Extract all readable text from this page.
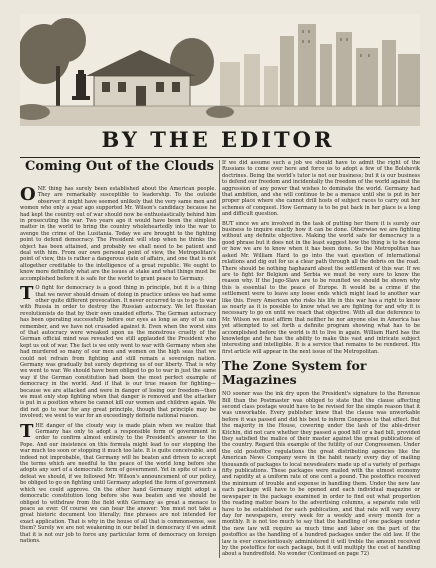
BY THE EDITOR
Coming Out of the Clouds

ONE thing has surely been established about the American people. They are remarkably susceptible to leadership. To the outside observer it might have seemed unlikely that the very same men and women who only a year ago supported Mr. Wilson's candidacy because he had kept the country out of war should now be enthusiastically behind him in prosecuting the war. Two years ago it would have been the simplest matter in the world to bring the country wholeheartedly into the war to avenge the crime of the Lusitania. Today we are brought to the fighting point to defend democracy. The President will stop when he thinks the object has been attained, and probably we shall need to be patient and deal with him. From our own personal point of view, the Metropolitan's point of view, this is rather a dangerous state of affairs, and one that is not altogether creditable to the intelligence of a great republic. We ought to know more definitely what are the issues at stake and what things must be accomplished before it is safe for the world to grant peace to Germany.

T O fight for democracy is a good thing in principle, but it is a thing that we never should dream of doing in practice unless we had some other quite different provocation. It never occurred to us to go to war with Russia in order to destroy the Russian autocracy. We let Russian revolutionists do that by their own unaided efforts. The German autocracy has been operating successfully before our eyes as long as any of us can remember, and we have not crusaded against it. Even when the worst sins of that autocracy were wreaked upon us the monstrous cruelty of the German official mind was revealed we still applauded the President who kept us out of war. The fact is we only went to war with Germany when she had murdered so many of our men and women on the high seas that we could not refrain from fighting and still remain a sovereign nation. Germany was gradually but surely depriving us of our liberty. That is why we went to war. We should have been obliged to go to war in just the same way if the German constitution had been the most perfect example of democracy in the world. And if that is our true reason for fighting—because we are attacked and were in danger of losing our freedom—then we must only stop fighting when that danger is removed and the attacker is put in a position where he cannot kill our women and children again. We did not go to war for any great principle, though that principle may be involved; we went to war for an exceedingly definite national reason.

THE danger of the cloudy way is made plain when we realize that Germany has only to adopt a responsible form of government in order to confirm almost entirely to the President's answer to the Pope. And our insistence on this formula might lead to our stopping the war much too soon or stopping it much too late. It is quite conceivable, and indeed not improbable, that Germany will be beaten and driven to accept the terms which are needful to the peace of the world long before she adopts any sort of a democratic form of government. Yet in spite of such a defeat we should, if we followed Mr. Wilson's announcement of our policy, be obliged to go on fighting until Germany adopted the form of government which we could approve. On the other hand Germany might adopt a democratic constitution long before she was beaten and we should be obliged to withdraw from the field with Germany as great a menace to peace as ever. Of course we can hear the answer: You must not take a great historic document too literally; fine phrases are not intended for exact application. That is why in the house of all that is commonsense, see them? Surely we are not weakening in our belief in democracy if we admit that it is not our job to force any particular form of democracy on foreign nations.

If we did assume such a job we should have to admit the right of the Russians to come over here and force us to adopt a few of the Bolshevik doctrines. Being the world's tutor is not our business; but it is our business to defend our freedom and incidentally the freedom of the world against the aggression of any power that wishes to dominate the world. Germany had that ambition, and she will continue to be a menace until she is put in her proper place where she cannot drill hosts of subject races to carry out her schemes of conquest. How Germany is to be put back in her place is a long and difficult question.

BUT since we are involved in the task of putting her there it is surely our business to inquire exactly how it can be done. Otherwise we are fighting without any definite objective. Making the world safe for democracy is a good phrase but it does not in the least suggest how the thing is to be done or how we are to know when it has been done. So the Metropolitan has asked Mr. William Hard to go into the vast question of international relations and dig out for us a clear path through all the debris on the road. There should be nothing haphazard about the settlement of this war. If we are to fight for Belgium and Serbia we must be very sure to know the reason why. If the Jugo-Slavs are to be reunited we should be shown why this is essential to the peace of Europe. It would be a crime if the settlement were to leave any loose ends which might lead to another war like this. Every American who risks his life in this war has a right to know as nearly as it is possible to know what we are fighting for and why it is necessary to go on until we reach that objective. With all due deference to Mr. Wilson we must affirm that neither he nor anyone else in America has yet attempted to set forth a definite program showing what has to be accomplished before the world is fit to live in again. William Hard has the knowledge and he has the ability to make this vast and intricate subject interesting and intelligible. It is a service that remains to be rendered. His first article will appear in the next issue of the Metropolitan.

The Zone System for Magazines

NO sooner was the ink dry upon the President's signature to the Revenue Bill than the Postmaster was obliged to state that the clause affecting second class postage would have to be revised for the simple reason that it was unworkable. Every publisher knew that the clause was unworkable before it was passed and did his best to inform Congress to that effect. But the majority in the House, cowering under the lash of the able-driver Kitchin, did not care whether they passed a good bill or a bad bill, provided they satisfied the malice of their master against the great publications of the country. Regard this example of the futility of our Congressmen. Under the old postoffice regulations the great distributing agencies like the American News Company were in the habit nearly every day of mailing thousands of packages to local newsdealers made up of a variety of perhaps fifty publications. These packages were mailed with the utmost economy and rapidity at a uniform rate of one cent a pound. The postoffice received the minimum of trouble and expense in handling them. Under the new law each package will have to be opened and each individual magazine or newspaper in the package examined in order to find out what proportion the reading matter bears to the advertising columns, a separate rate will have to be established for each publication, and that rate will vary every day for newspapers, every week for a weekly and every month for a monthly. It is not too much to say that the handling of one package under the new law will require as much time and labor on the part of the postoffice as the handling of a hundred packages under the old law. If the law is ever conscientiously administered it will treble the amount received by the postoffice for each package, but it will multiply the cost of handling about a hundredfold. No wonder (Continued on page 72)
